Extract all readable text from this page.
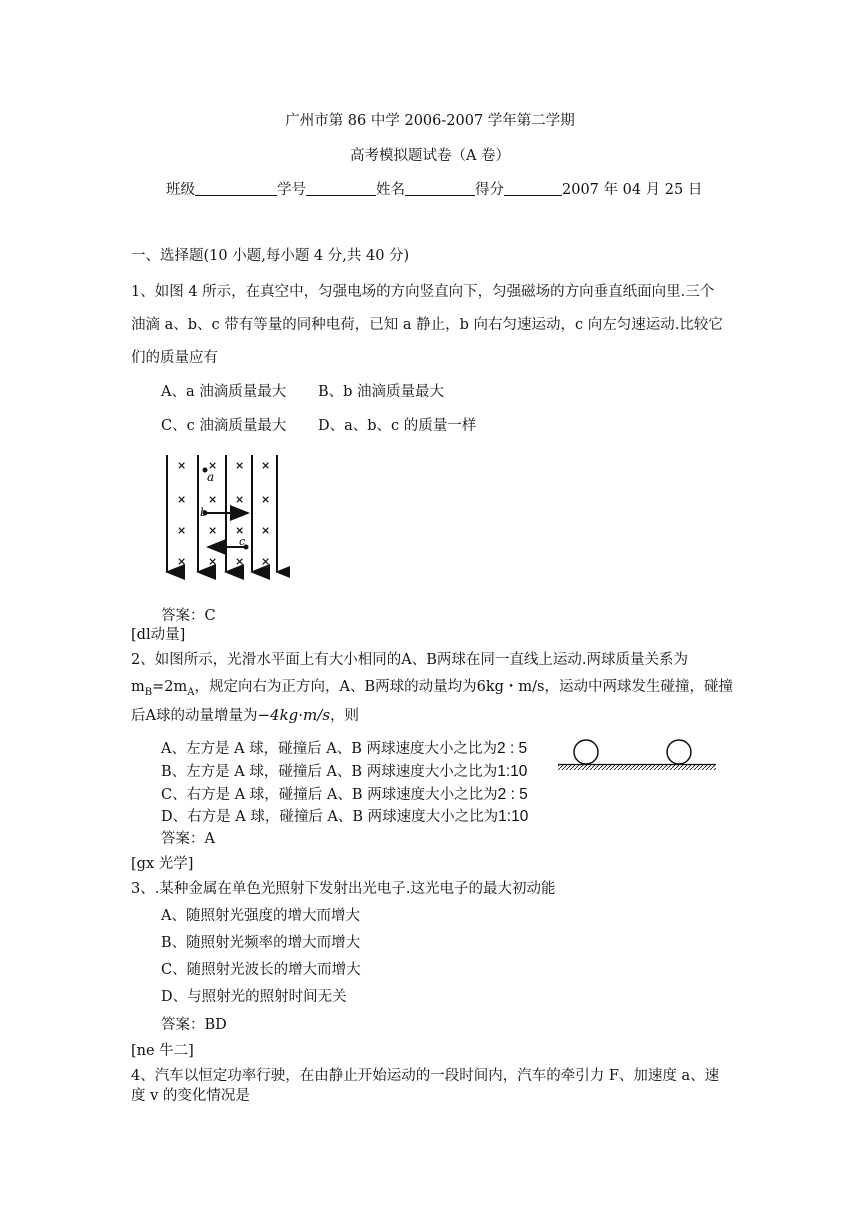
广州市第 86 中学 2006-2007 学年第二学期
高考模拟题试卷（A 卷）
班级	学号	姓名	得分	2007 年 04 月 25 日
一、选择题(10 小题,每小题 4 分,共 40 分)
1、如图 4 所示，在真空中，匀强电场的方向竖直向下，匀强磁场的方向垂直纸面向里.三个
油滴 a、b、c 带有等量的同种电荷，已知 a 静止，b 向右匀速运动，c 向左匀速运动.比较它
们的质量应有
A、a 油滴质量最大 B、b 油滴质量最大
C、c 油滴质量最大 D、a、b、c 的质量一样
× × × ×
× × × ×
× × × ×
× × × ×
a
b
c
答案：C
[dl动量]
2、如图所示，光滑水平面上有大小相同的A、B两球在同一直线上运动.两球质量关系为
$m_B=2m_A$，规定向右为正方向，A、B两球的动量均为6kg・m/s，运动中两球发生碰撞，碰撞
后A球的动量增量为−4kg·m/s，则
A、左方是 A 球，碰撞后 A、B 两球速度大小之比为2 : 5
B、左方是 A 球，碰撞后 A、B 两球速度大小之比为1:10
C、右方是 A 球，碰撞后 A、B 两球速度大小之比为2 : 5
D、右方是 A 球，碰撞后 A、B 两球速度大小之比为1:10
答案：A
[gx 光学]
3、.某种金属在单色光照射下发射出光电子.这光电子的最大初动能
A、随照射光强度的增大而增大
B、随照射光频率的增大而增大
C、随照射光波长的增大而增大
D、与照射光的照射时间无关
答案：BD
[ne 牛二]
4、汽车以恒定功率行驶，在由静止开始运动的一段时间内，汽车的牵引力 F、加速度 a、速
度 v 的变化情况是
